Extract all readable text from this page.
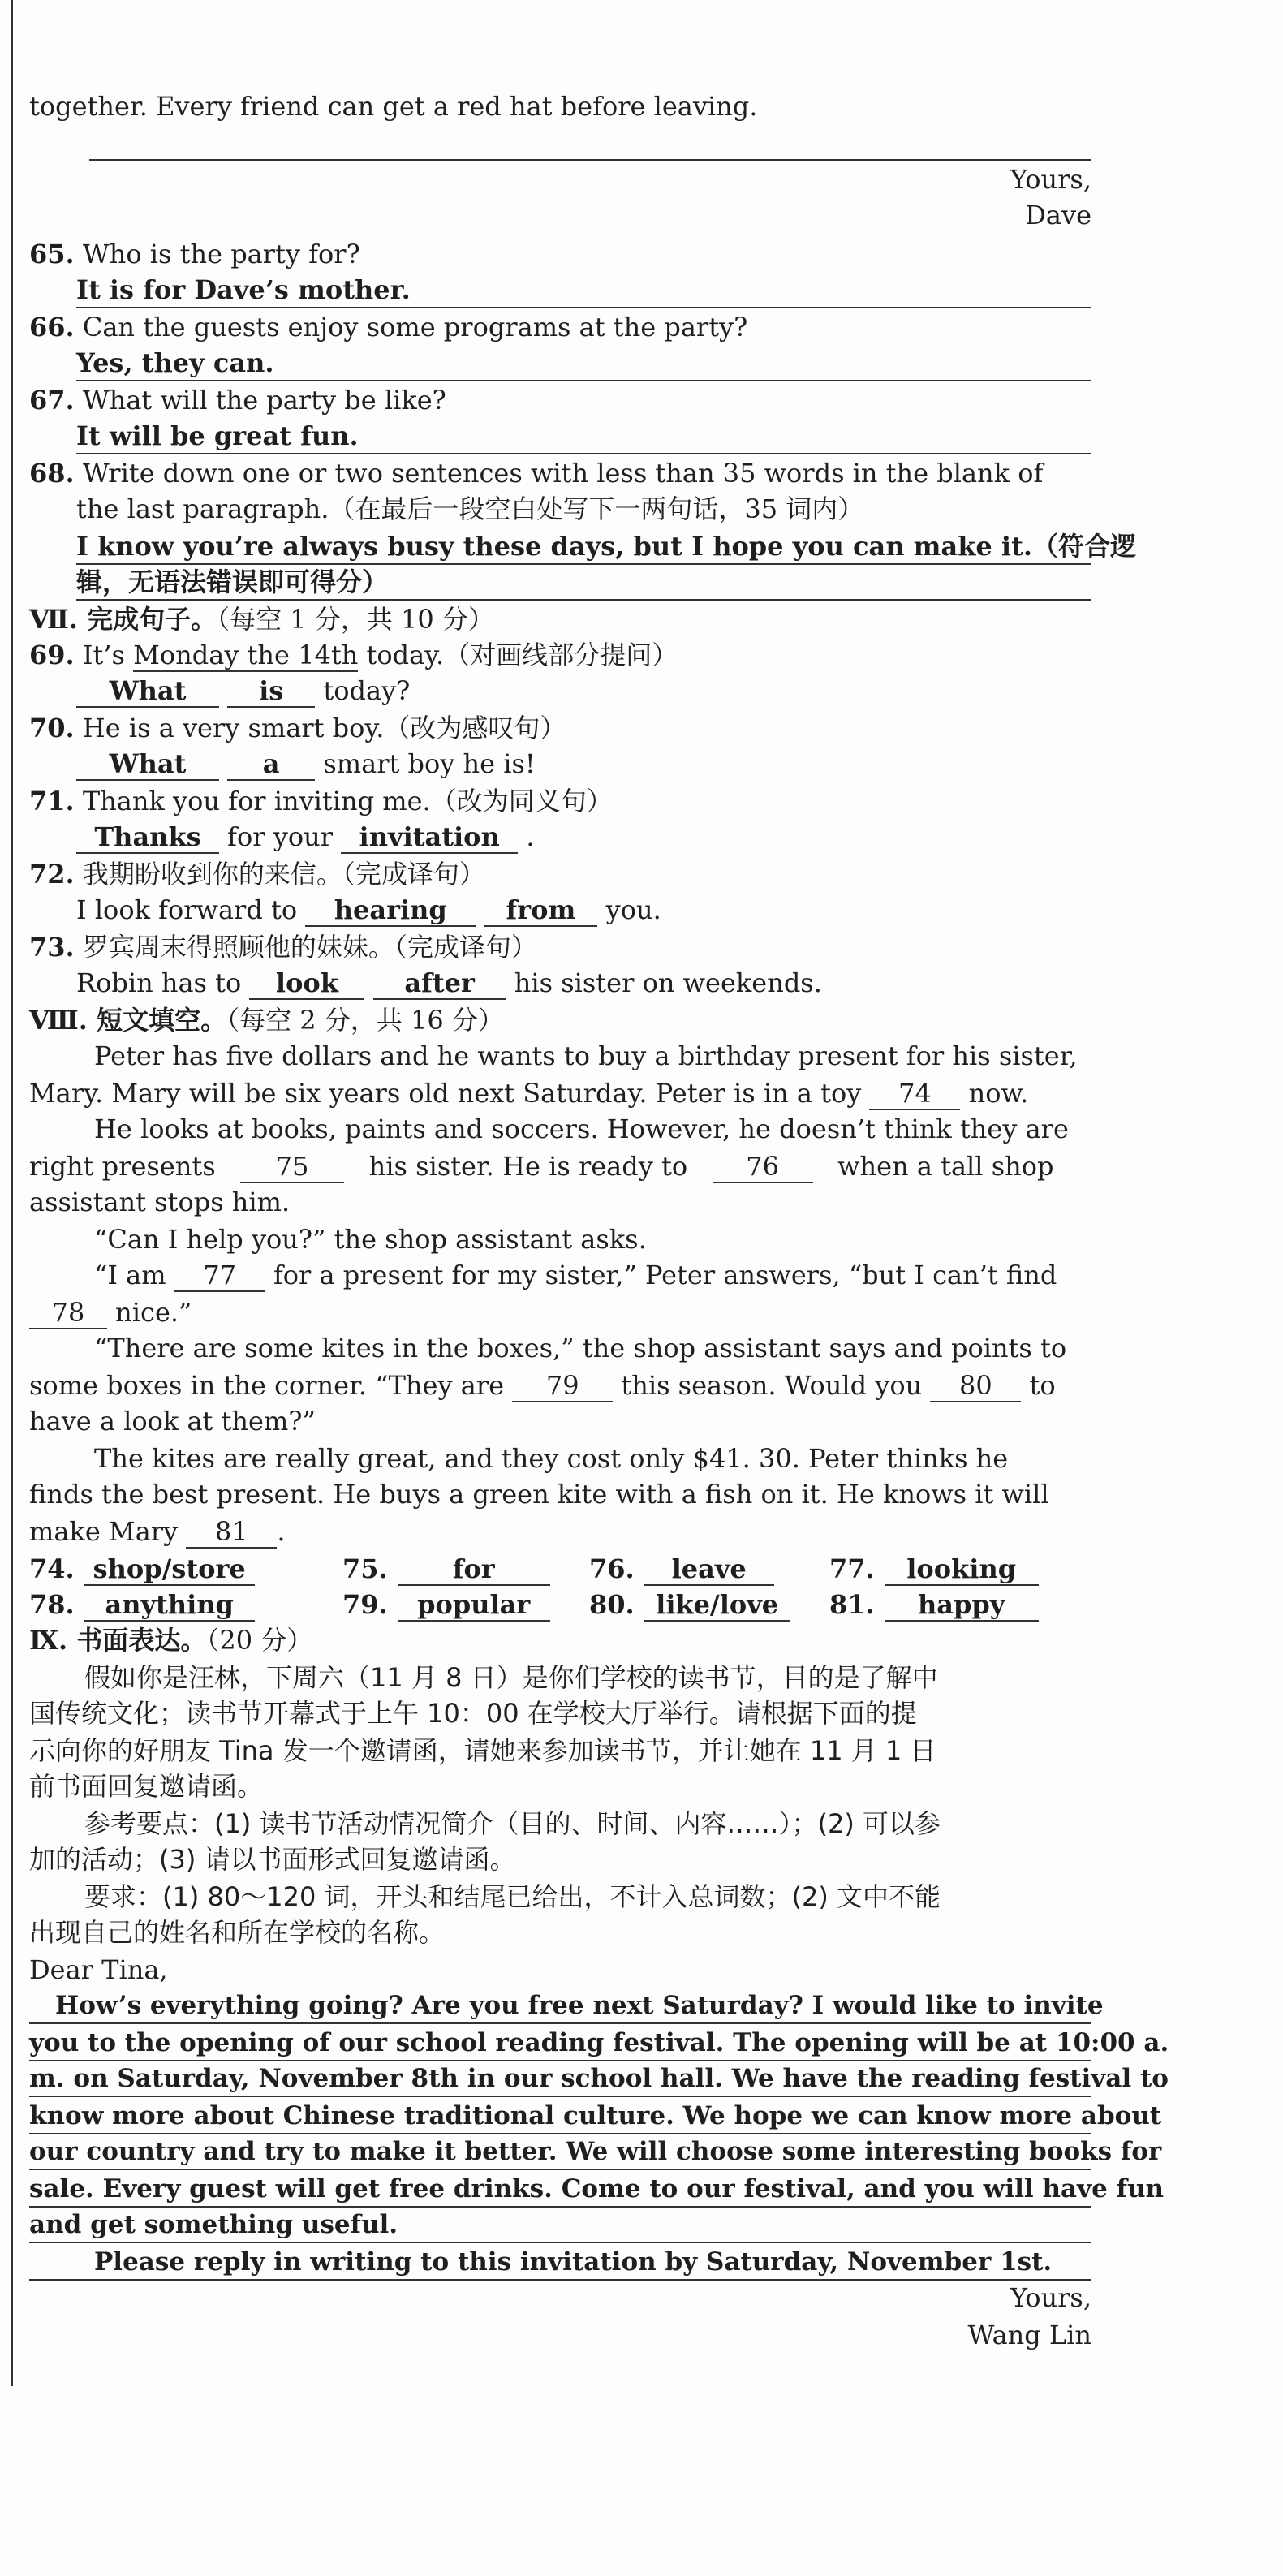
together. Every friend can get a red hat before leaving.
Yours,
Dave
65. Who is the party for?
It is for Dave’s mother.
66. Can the guests enjoy some programs at the party?
Yes, they can.
67. What will the party be like?
It will be great fun.
68. Write down one or two sentences with less than 35 words in the blank of
the last paragraph.（在最后一段空白处写下一两句话，35 词内）
I know you’re always busy these days, but I hope you can make it.（符合逻
辑，无语法错误即可得分）
Ⅶ. 完成句子。（每空 1 分，共 10 分）
69. It’s Monday the 14th today.（对画线部分提问）
What	is today?
70. He is a very smart boy.（改为感叹句）
What	a smart boy he is!
71. Thank you for inviting me.（改为同义句）
Thanks for your invitation .
72. 我期盼收到你的来信。（完成译句）
I look forward to hearing from you.
73. 罗宾周末得照顾他的妹妹。（完成译句）
Robin has to look	after his sister on weekends.
Ⅷ. 短文填空。（每空 2 分，共 16 分）
Peter has five dollars and he wants to buy a birthday present for his sister,
Mary. Mary will be six years old next Saturday. Peter is in a toy 74 now.
He looks at books, paints and soccers. However, he doesn’t think they are
right presents 75 his sister. He is ready to 76 when a tall shop
assistant stops him.
“Can I help you?” the shop assistant asks.
“I am 77 for a present for my sister,” Peter answers, “but I can’t find
78 nice.”
“There are some kites in the boxes,” the shop assistant says and points to
some boxes in the corner. “They are 79 this season. Would you 80 to
have a look at them?”
The kites are really great, and they cost only $41. 30. Peter thinks he
finds the best present. He buys a green kite with a fish on it. He knows it will
make Mary 81 .
74. shop/store	75.	for	76. leave	77. looking
78. anything	79. popular	80. like/love	81. happy
Ⅸ. 书面表达。（20 分）
假如你是汪林，下周六（11 月 8 日）是你们学校的读书节，目的是了解中
国传统文化；读书节开幕式于上午 10：00 在学校大厅举行。请根据下面的提
示向你的好朋友 Tina 发一个邀请函，请她来参加读书节，并让她在 11 月 1 日
前书面回复邀请函。
参考要点：(1) 读书节活动情况简介（目的、时间、内容……）；(2) 可以参
加的活动；(3) 请以书面形式回复邀请函。
要求：(1) 80～120 词，开头和结尾已给出，不计入总词数；(2) 文中不能
出现自己的姓名和所在学校的名称。
Dear Tina,
How’s everything going? Are you free next Saturday? I would like to invite
you to the opening of our school reading festival. The opening will be at 10:00 a.
m. on Saturday, November 8th in our school hall. We have the reading festival to
know more about Chinese traditional culture. We hope we can know more about
our country and try to make it better. We will choose some interesting books for
sale. Every guest will get free drinks. Come to our festival, and you will have fun
and get something useful.
Please reply in writing to this invitation by Saturday, November 1st.
Yours,
Wang Lin
